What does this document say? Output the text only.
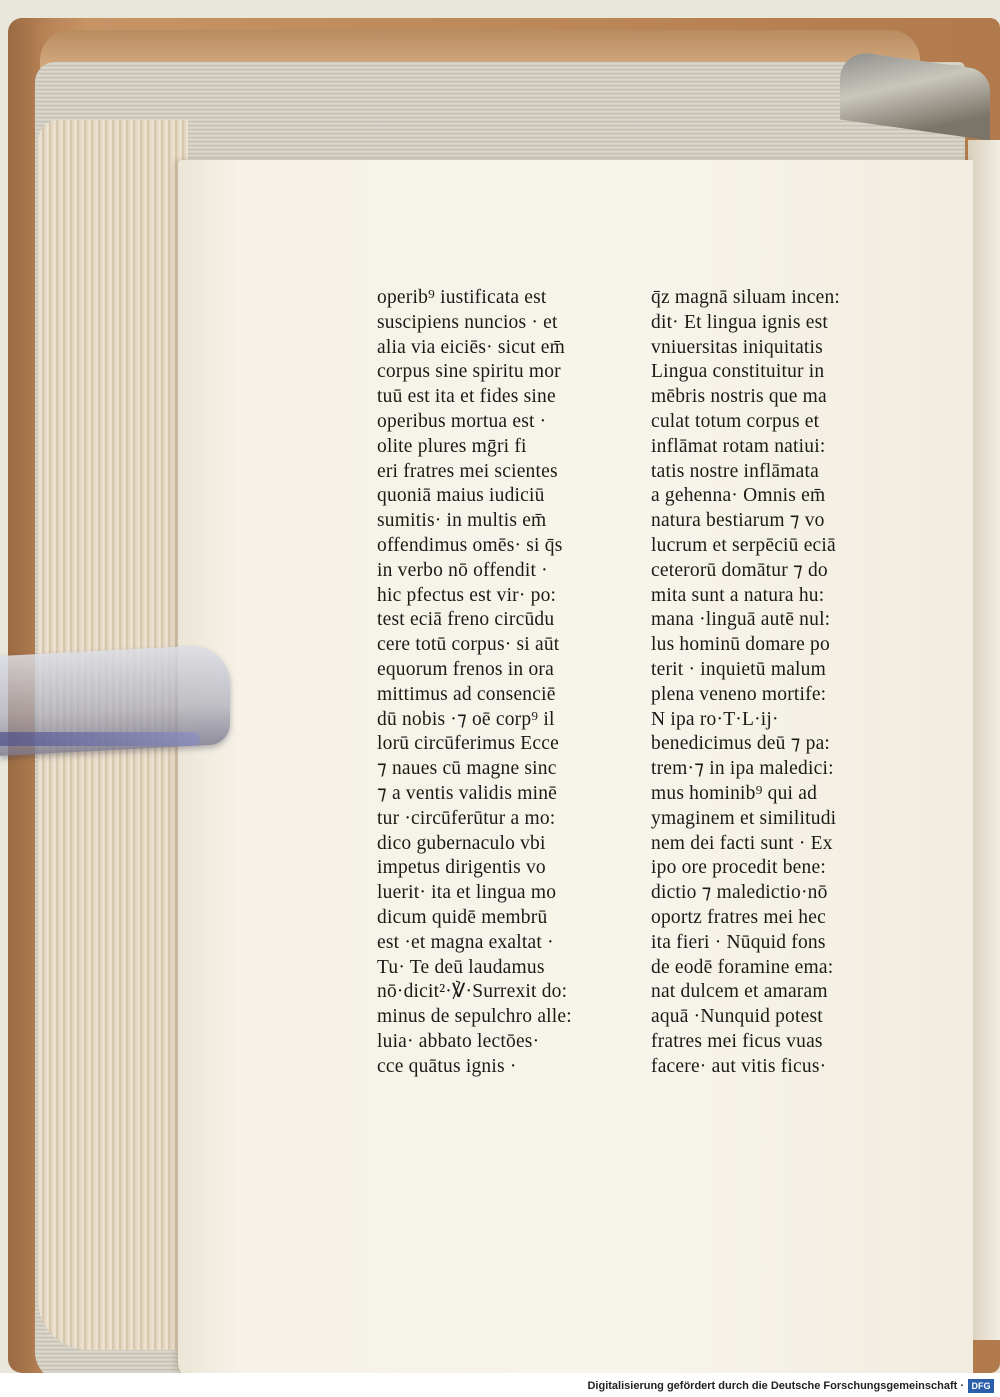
operib⁹ iustificata est
suscipiens nuncios · et
alia via eiciēs· sicut em̄
corpus sine spiritu mor
tuū est ita et fides sine
operibus mortua est ·
olite plures mḡri fi
eri fratres mei scientes
quoniā maius iudiciū
sumitis· in multis em̄
offendimus omēs· si q̄s
in verbo nō offendit ·
hic pfectus est vir· po:
test eciā freno circūdu
cere totū corpus· si aūt
equorum frenos in ora
mittimus ad consenciē
dū nobis ·⁊ oē corp⁹ il
lorū circūferimus Ecce
⁊ naues cū magne sinc
⁊ a ventis validis minē
tur ·circūferūtur a mo:
dico gubernaculo vbi
impetus dirigentis vo
luerit· ita et lingua mo
dicum quidē membrū
est ·et magna exaltat ·
Tu· Te deū laudamus
nō·dicit²·℣·Surrexit do:
minus de sepulchro alle:
luia· abbato lectōes·
cce quātus ignis ·
q̄z magnā siluam incen:
dit· Et lingua ignis est
vniuersitas iniquitatis
Lingua constituitur in
mēbris nostris que ma
culat totum corpus et
inflāmat rotam natiui:
tatis nostre inflāmata
a gehenna· Omnis em̄
natura bestiarum ⁊ vo
lucrum et serpēciū eciā
ceterorū domātur ⁊ do
mita sunt a natura hu:
mana ·linguā autē nul:
lus hominū domare po
terit · inquietū malum
plena veneno mortife:
N ipa ro·T·L·ij·
benedicimus deū ⁊ pa:
trem·⁊ in ipa maledici:
mus hominib⁹ qui ad
ymaginem et similitudi
nem dei facti sunt · Ex
ipo ore procedit bene:
dictio ⁊ maledictio·nō
oportz fratres mei hec
ita fieri · Nūquid fons
de eodē foramine ema:
nat dulcem et amaram
aquā ·Nunquid potest
fratres mei ficus vuas
facere· aut vitis ficus·
Digitalisierung gefördert durch die Deutsche Forschungsgemeinschaft · DFG
